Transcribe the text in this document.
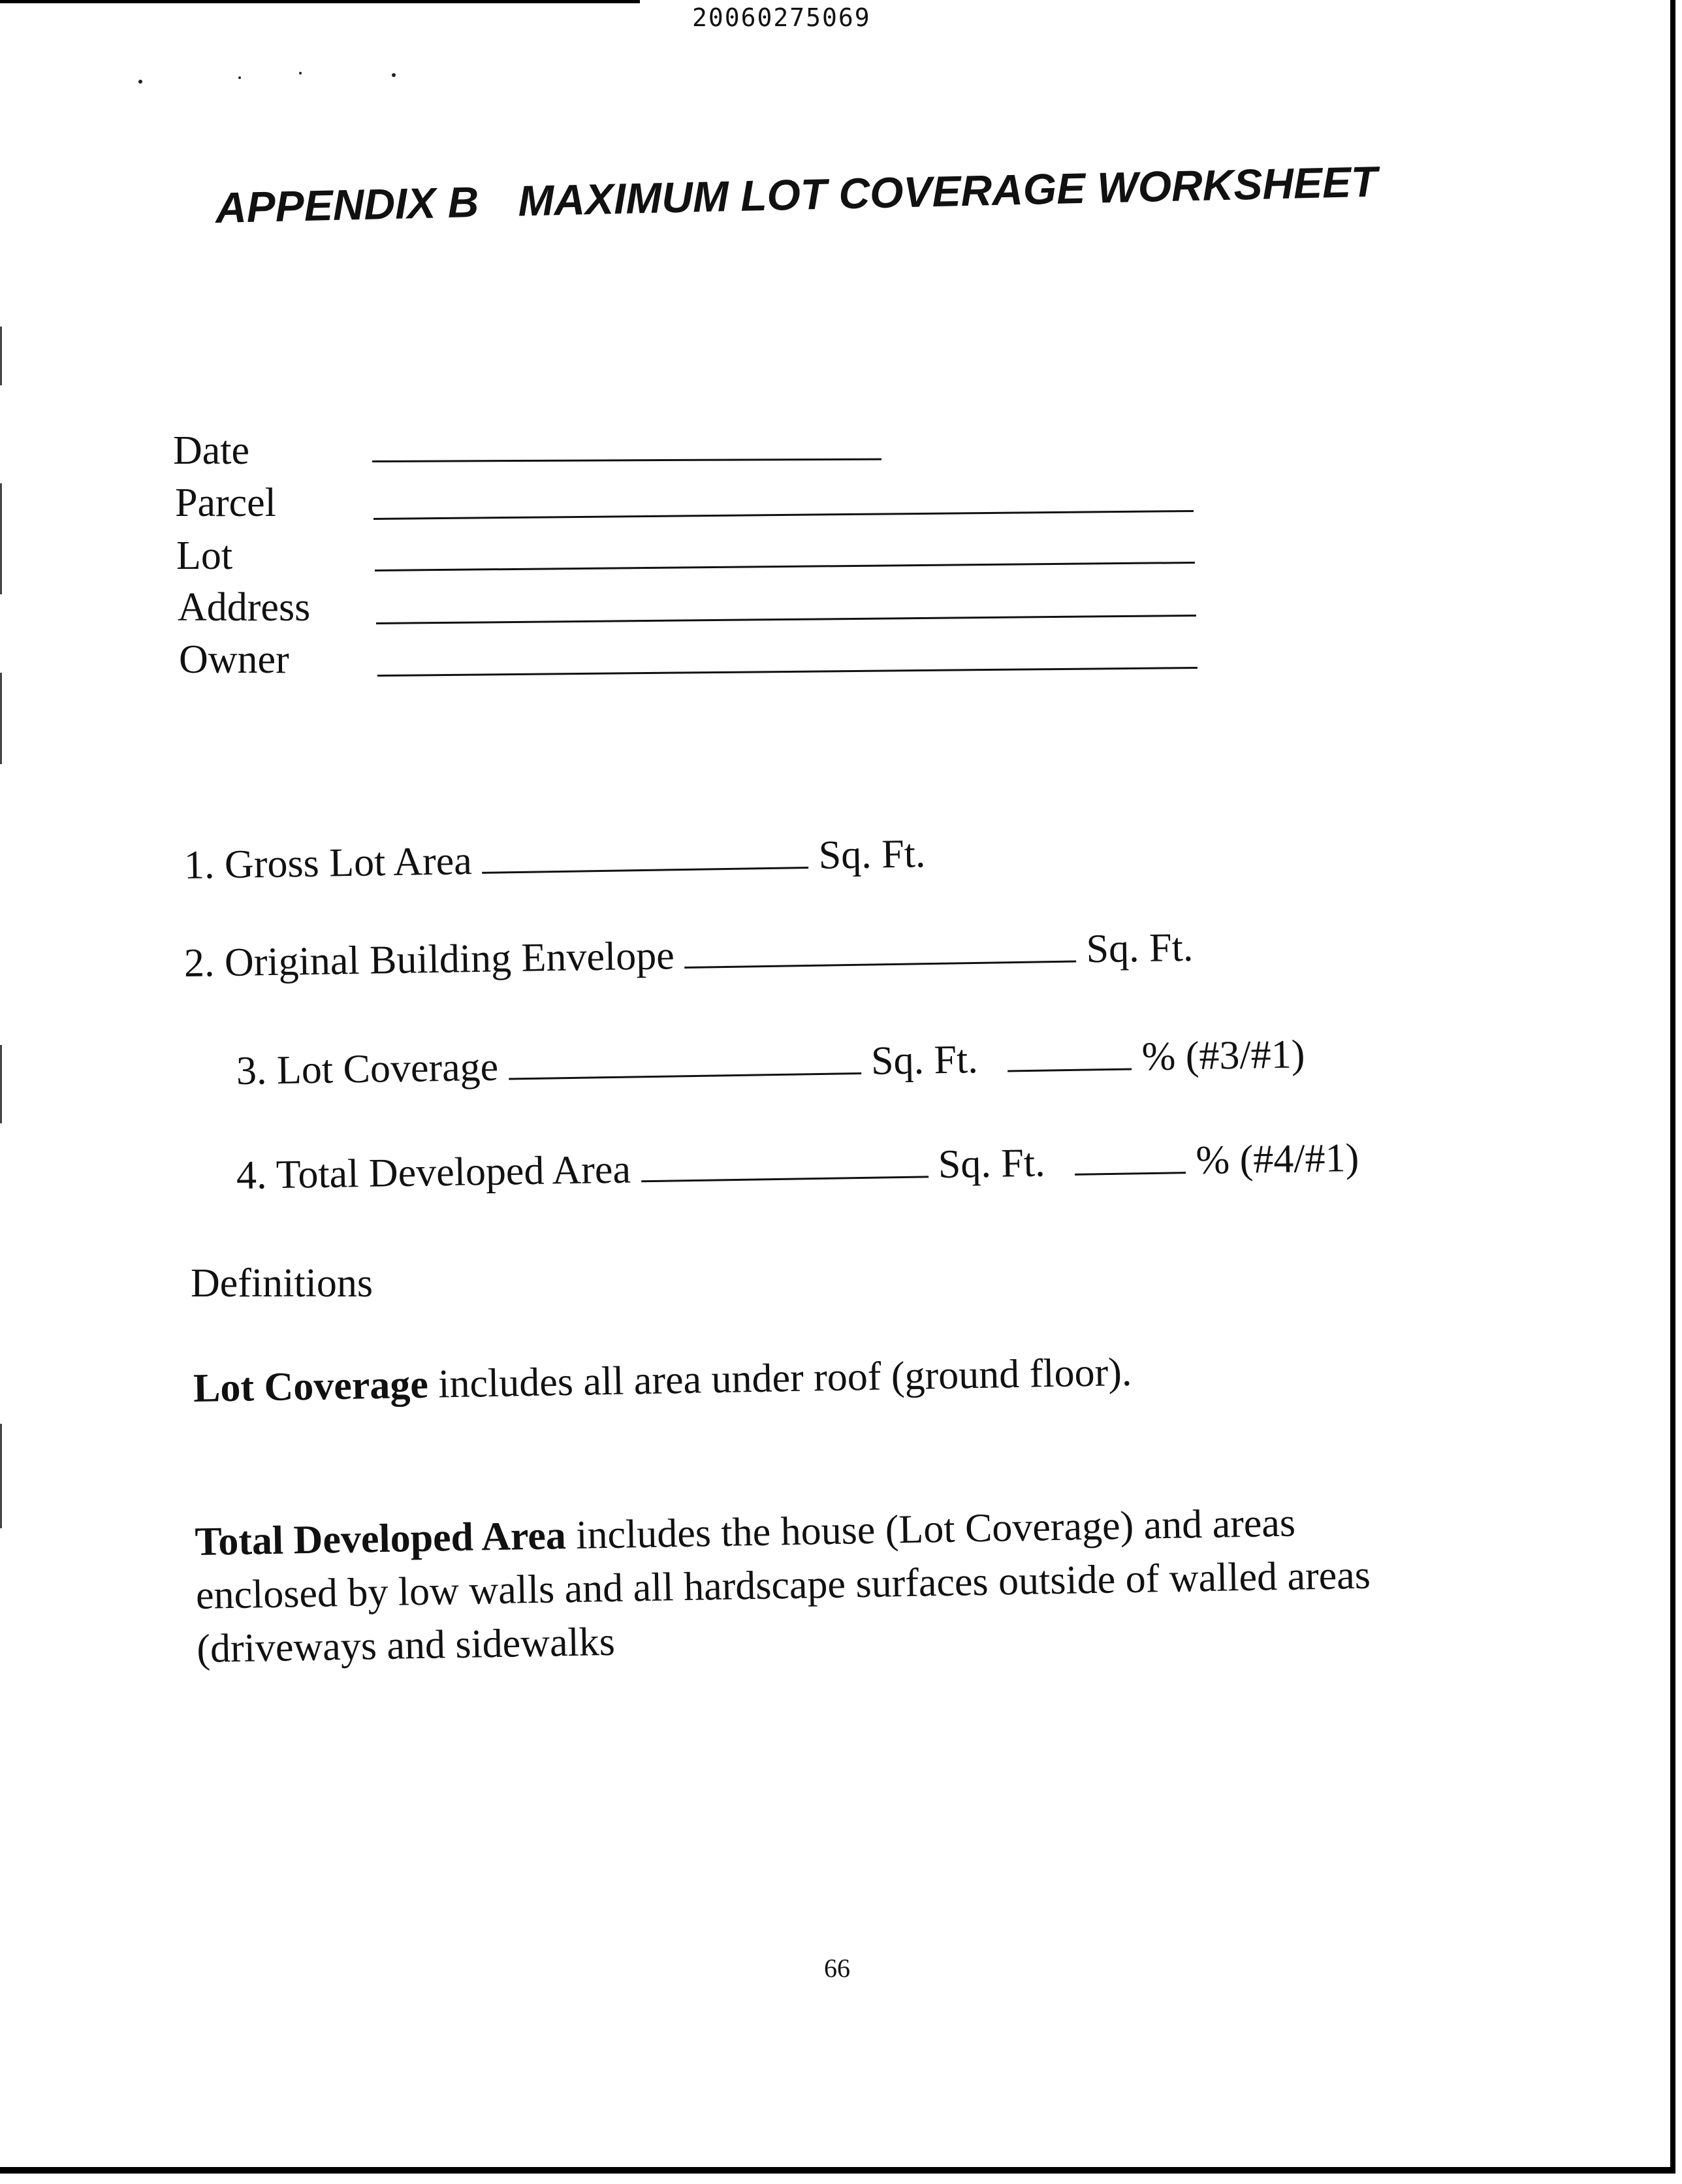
20060275069
APPENDIX B MAXIMUM LOT COVERAGE WORKSHEET
Date
Parcel
Lot
Address
Owner
1. Gross Lot Area	Sq. Ft.
2. Original Building Envelope	Sq. Ft.
3. Lot Coverage	Sq. Ft.	% (#3/#1)
4. Total Developed Area	Sq. Ft.	% (#4/#1)
Definitions
Lot Coverage includes all area under roof (ground floor).
Total Developed Area includes the house (Lot Coverage) and areas
enclosed by low walls and all hardscape surfaces outside of walled areas
(driveways and sidewalks
66
